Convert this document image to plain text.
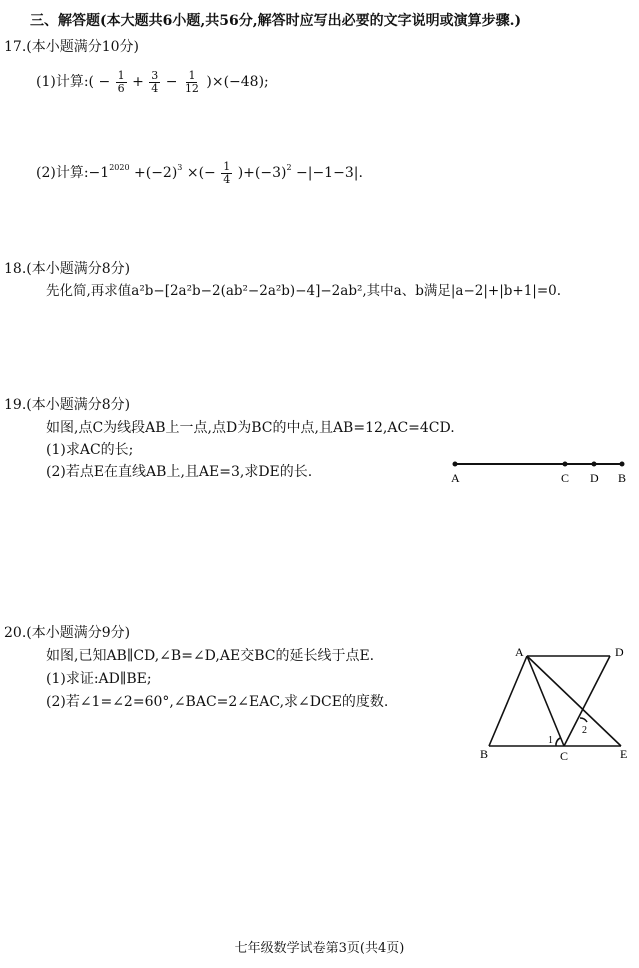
三、解答题(本大题共6小题,共56分,解答时应写出必要的文字说明或演算步骤.)
17.(本小题满分10分)
(1)计算:( − $\frac{1}{6} + \frac{3}{4} - \frac{1}{12} )\times(-48)$;
(2)计算$:-1^{2020} +(-2)^3$ ×(− $\frac{1}{4} )+(-3)^2 -|-1-3|$.
18.(本小题满分8分)
先化简,再求值a²b−[2a²b−2(ab²−2a²b)−4]−2ab²,其中a、b满足|a−2|+|b+1|=0.
19.(本小题满分8分)
如图,点C为线段AB上一点,点D为BC的中点,且AB=12,AC=4CD.
(1)求AC的长;
(2)若点E在直线AB上,且AE=3,求DE的长.	A	C D B
20.(本小题满分9分)
如图,已知AB∥CD,∠B=∠D,AE交BC的延长线于点E.
(1)求证:AD∥BE;
(2)若∠1=∠2=60°,∠BAC=2∠EAC,求∠DCE的度数.
A	D
B	C	E
1
2
七年级数学试卷第3页(共4页)
